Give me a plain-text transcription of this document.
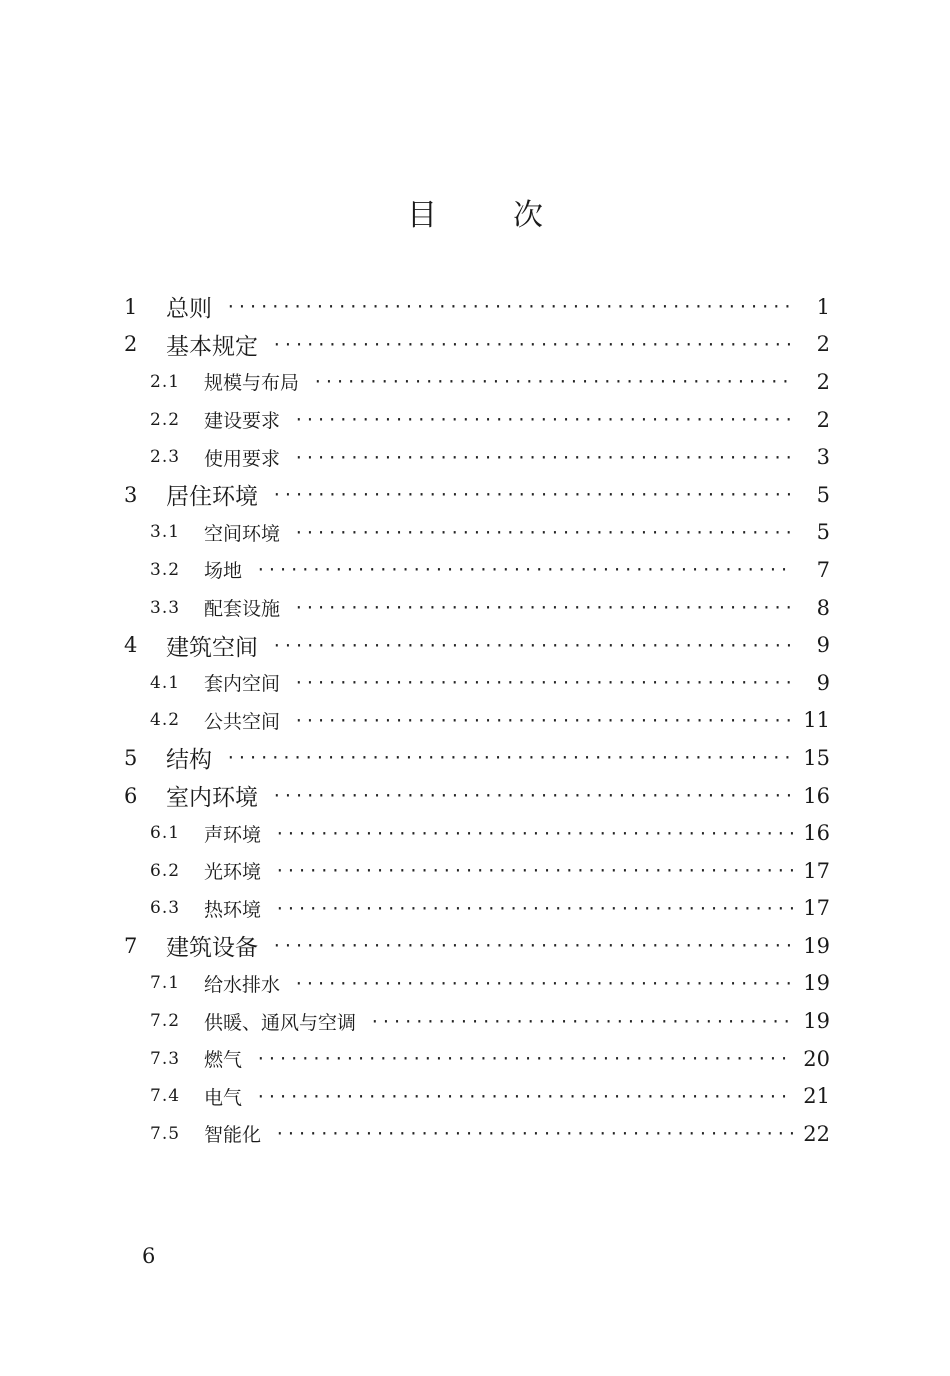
目	次
1	总则 ·····	1
2	基本规定 ·····	2
2.1	规模与布局 ·····	2
2.2	建设要求 ·····	2
2.3	使用要求 ·····	3
3	居住环境 ·····	5
3.1	空间环境 ·····	5
3.2	场地 ·····	7
3.3	配套设施 ·····	8
4	建筑空间 ·····	9
4.1	套内空间 ·····	9
4.2	公共空间 ·····	11
5	结构 ·····	15
6	室内环境 ·····	16
6.1	声环境 ·····	16
6.2	光环境 ·····	17
6.3	热环境 ·····	17
7	建筑设备 ·····	19
7.1	给水排水 ·····	19
7.2	供暖、通风与空调 ·····	19
7.3	燃气 ·····	20
7.4	电气 ·····	21
7.5	智能化 ·····	22
6
